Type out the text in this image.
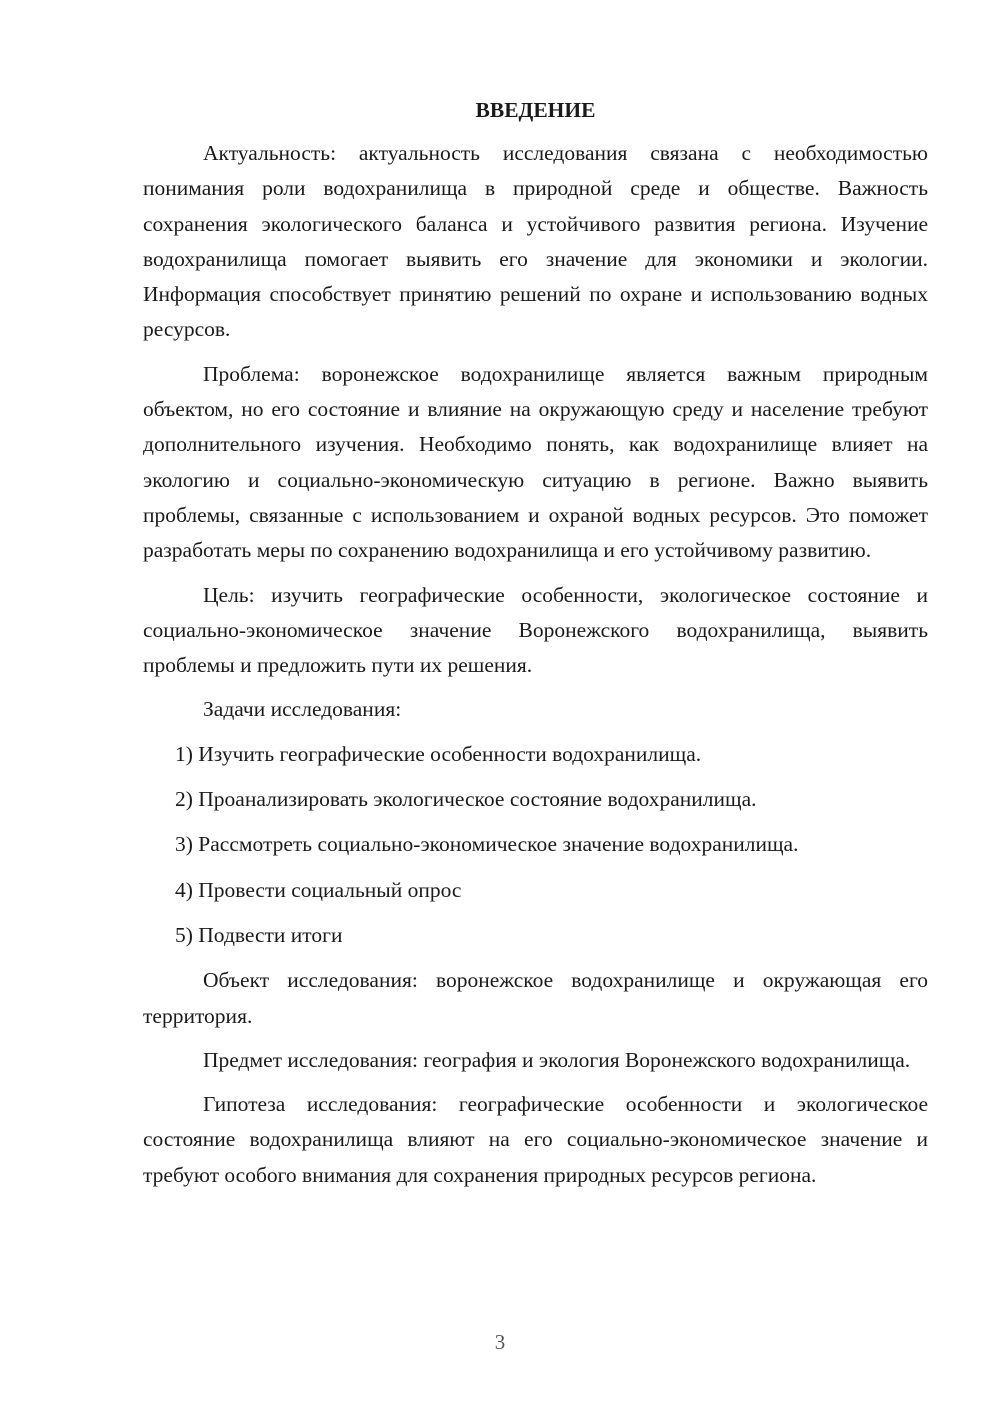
ВВЕДЕНИЕ

Актуальность: актуальность исследования связана с необходимостью понимания роли водохранилища в природной среде и обществе. Важность сохранения экологического баланса и устойчивого развития региона. Изучение водохранилища помогает выявить его значение для экономики и экологии. Информация способствует принятию решений по охране и использованию водных ресурсов.

Проблема: воронежское водохранилище является важным природным объектом, но его состояние и влияние на окружающую среду и население требуют дополнительного изучения. Необходимо понять, как водохранилище влияет на экологию и социально-экономическую ситуацию в регионе. Важно выявить проблемы, связанные с использованием и охраной водных ресурсов. Это поможет разработать меры по сохранению водохранилища и его устойчивому развитию.

Цель: изучить географические особенности, экологическое состояние и социально-экономическое значение Воронежского водохранилища, выявить проблемы и предложить пути их решения.

Задачи исследования:

1) Изучить географические особенности водохранилища.
2) Проанализировать экологическое состояние водохранилища.
3) Рассмотреть социально-экономическое значение водохранилища.
4) Провести социальный опрос
5) Подвести итоги

Объект исследования: воронежское водохранилище и окружающая его территория.

Предмет исследования: география и экология Воронежского водохранилища.

Гипотеза исследования: географические особенности и экологическое состояние водохранилища влияют на его социально-экономическое значение и требуют особого внимания для сохранения природных ресурсов региона.

3
